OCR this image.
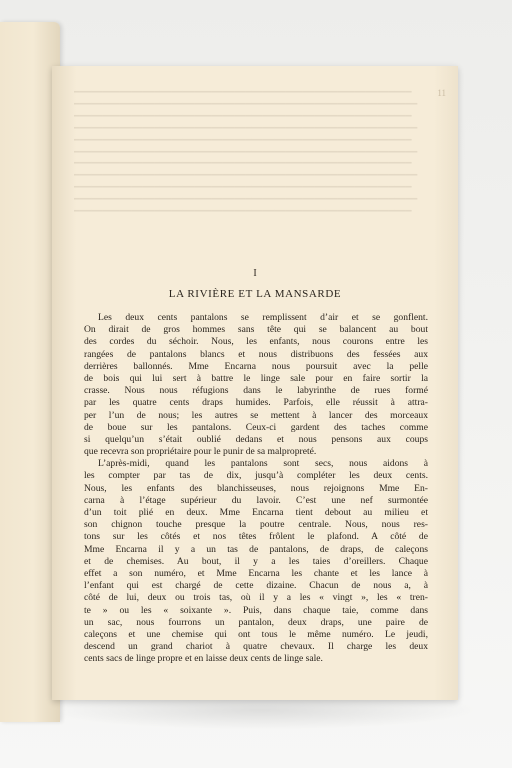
━━━━━━━━━━━━━━━━━━━━━━━━━━━━━━━━━━━━━━━━━━━━━━━━━━━━━━━━━━━
━━━━━━━━━━━━━━━━━━━━━━━━━━━━━━━━━━━━━━━━━━━━━━━━━━━━━━━━━━━━
━━━━━━━━━━━━━━━━━━━━━━━━━━━━━━━━━━━━━━━━━━━━━━━━━━━━━━━━━━━
━━━━━━━━━━━━━━━━━━━━━━━━━━━━━━━━━━━━━━━━━━━━━━━━━━━━━━━━━━━━
━━━━━━━━━━━━━━━━━━━━━━━━━━━━━━━━━━━━━━━━━━━━━━━━━━━━━━━━━━━
━━━━━━━━━━━━━━━━━━━━━━━━━━━━━━━━━━━━━━━━━━━━━━━━━━━━━━━━━━━━
━━━━━━━━━━━━━━━━━━━━━━━━━━━━━━━━━━━━━━━━━━━━━━━━━━━━━━━━━━━
━━━━━━━━━━━━━━━━━━━━━━━━━━━━━━━━━━━━━━━━━━━━━━━━━━━━━━━━━━━━
━━━━━━━━━━━━━━━━━━━━━━━━━━━━━━━━━━━━━━━━━━━━━━━━━━━━━━━━━━━
━━━━━━━━━━━━━━━━━━━━━━━━━━━━━━━━━━━━━━━━━━━━━━━━━━━━━━━━━━━━
━━━━━━━━━━━━━━━━━━━━━━━━━━━━━━━━━━━━━━━━━━━━━━━━━━━━━━━━━━━
11
I
LA RIVIÈRE ET LA MANSARDE
Les deux cents pantalons se remplissent d’air et se gonflent.
On dirait de gros hommes sans tête qui se balancent au bout
des cordes du séchoir. Nous, les enfants, nous courons entre les
rangées de pantalons blancs et nous distribuons des fessées aux
derrières ballonnés. Mme Encarna nous poursuit avec la pelle
de bois qui lui sert à battre le linge sale pour en faire sortir la
crasse. Nous nous réfugions dans le labyrinthe de rues formé
par les quatre cents draps humides. Parfois, elle réussit à attra-
per l’un de nous; les autres se mettent à lancer des morceaux
de boue sur les pantalons. Ceux-ci gardent des taches comme
si quelqu’un s’était oublié dedans et nous pensons aux coups
que recevra son propriétaire pour le punir de sa malpropreté.
L’après-midi, quand les pantalons sont secs, nous aidons à
les compter par tas de dix, jusqu’à compléter les deux cents.
Nous, les enfants des blanchisseuses, nous rejoignons Mme En-
carna à l’étage supérieur du lavoir. C’est une nef surmontée
d’un toit plié en deux. Mme Encarna tient debout au milieu et
son chignon touche presque la poutre centrale. Nous, nous res-
tons sur les côtés et nos têtes frôlent le plafond. A côté de
Mme Encarna il y a un tas de pantalons, de draps, de caleçons
et de chemises. Au bout, il y a les taies d’oreillers. Chaque
effet a son numéro, et Mme Encarna les chante et les lance à
l’enfant qui est chargé de cette dizaine. Chacun de nous a, à
côté de lui, deux ou trois tas, où il y a les « vingt », les « tren-
te » ou les « soixante ». Puis, dans chaque taie, comme dans
un sac, nous fourrons un pantalon, deux draps, une paire de
caleçons et une chemise qui ont tous le même numéro. Le jeudi,
descend un grand chariot à quatre chevaux. Il charge les deux
cents sacs de linge propre et en laisse deux cents de linge sale.
